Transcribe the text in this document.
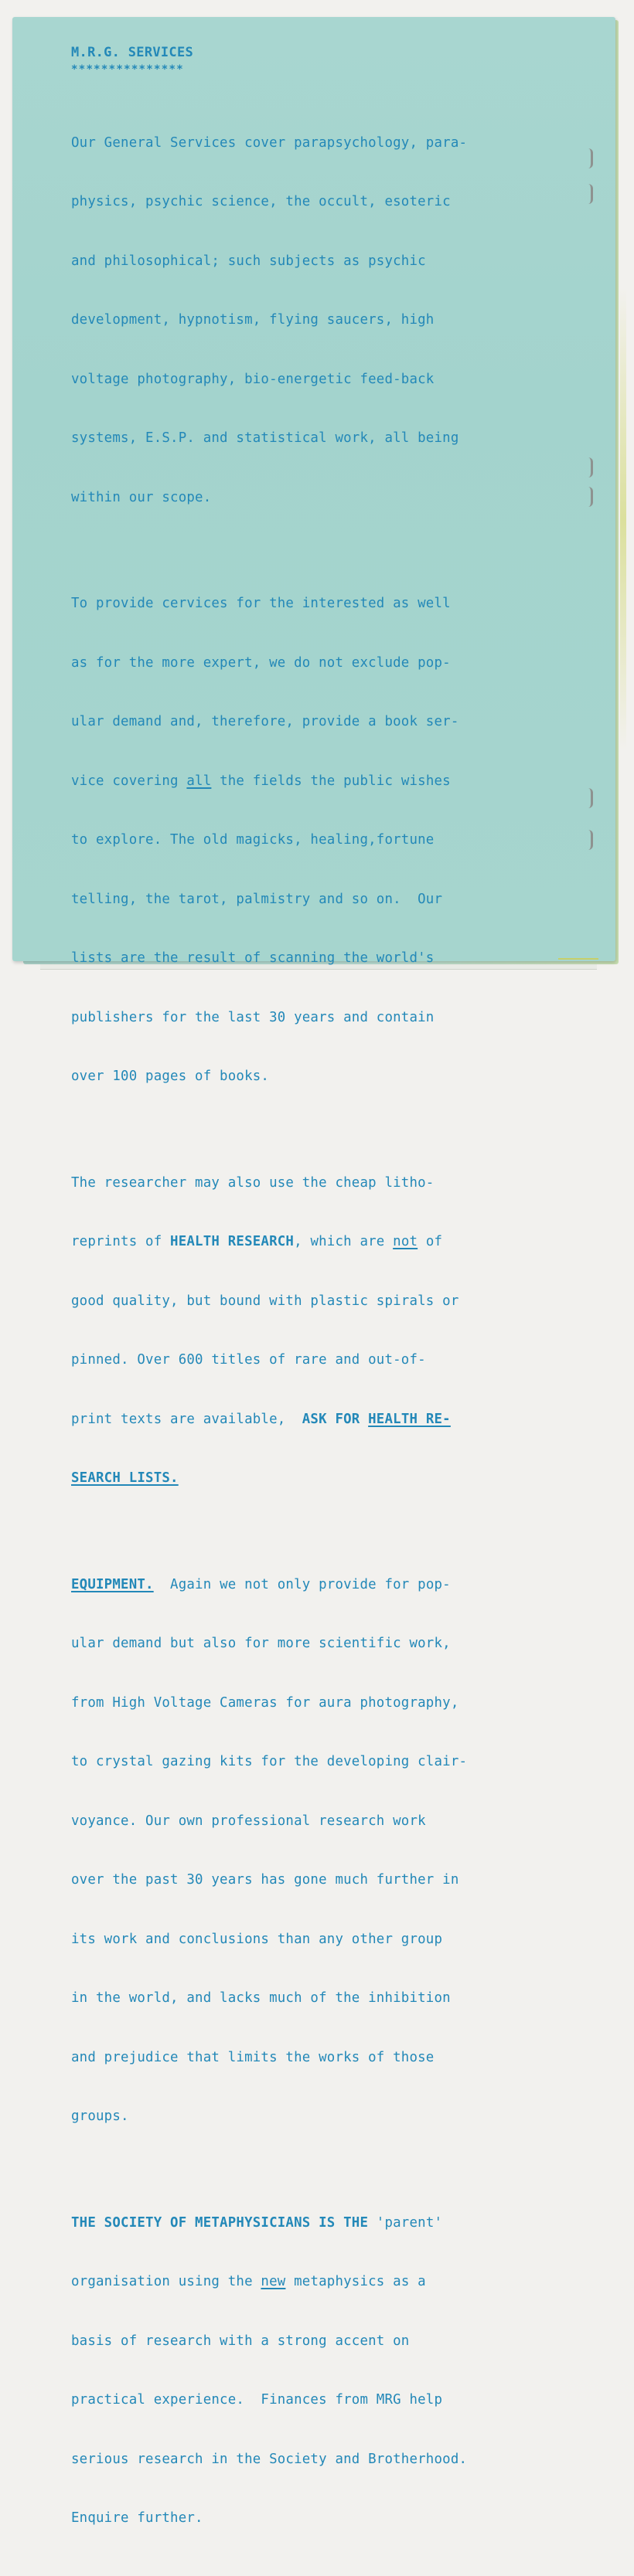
M.R.G. SERVICES
***************

Our General Services cover parapsychology, para-

physics, psychic science, the occult, esoteric

and philosophical; such subjects as psychic

development, hypnotism, flying saucers, high

voltage photography, bio-energetic feed-back

systems, E.S.P. and statistical work, all being

within our scope.

To provide cervices for the interested as well

as for the more expert, we do not exclude pop-

ular demand and, therefore, provide a book ser-

vice covering all the fields the public wishes

to explore. The old magicks, healing,fortune

telling, the tarot, palmistry and so on.  Our

lists are the result of scanning the world's

publishers for the last 30 years and contain

over 100 pages of books.

The researcher may also use the cheap litho-

reprints of HEALTH RESEARCH, which are not of

good quality, but bound with plastic spirals or

pinned. Over 600 titles of rare and out-of-

print texts are available,  ASK FOR HEALTH RE-

SEARCH LISTS.

EQUIPMENT.  Again we not only provide for pop-

ular demand but also for more scientific work,

from High Voltage Cameras for aura photography,

to crystal gazing kits for the developing clair-

voyance. Our own professional research work

over the past 30 years has gone much further in

its work and conclusions than any other group

in the world, and lacks much of the inhibition

and prejudice that limits the works of those

groups.

THE SOCIETY OF METAPHYSICIANS IS THE 'parent'

organisation using the new metaphysics as a

basis of research with a strong accent on

practical experience.  Finances from MRG help

serious research in the Society and Brotherhood.

Enquire further.
